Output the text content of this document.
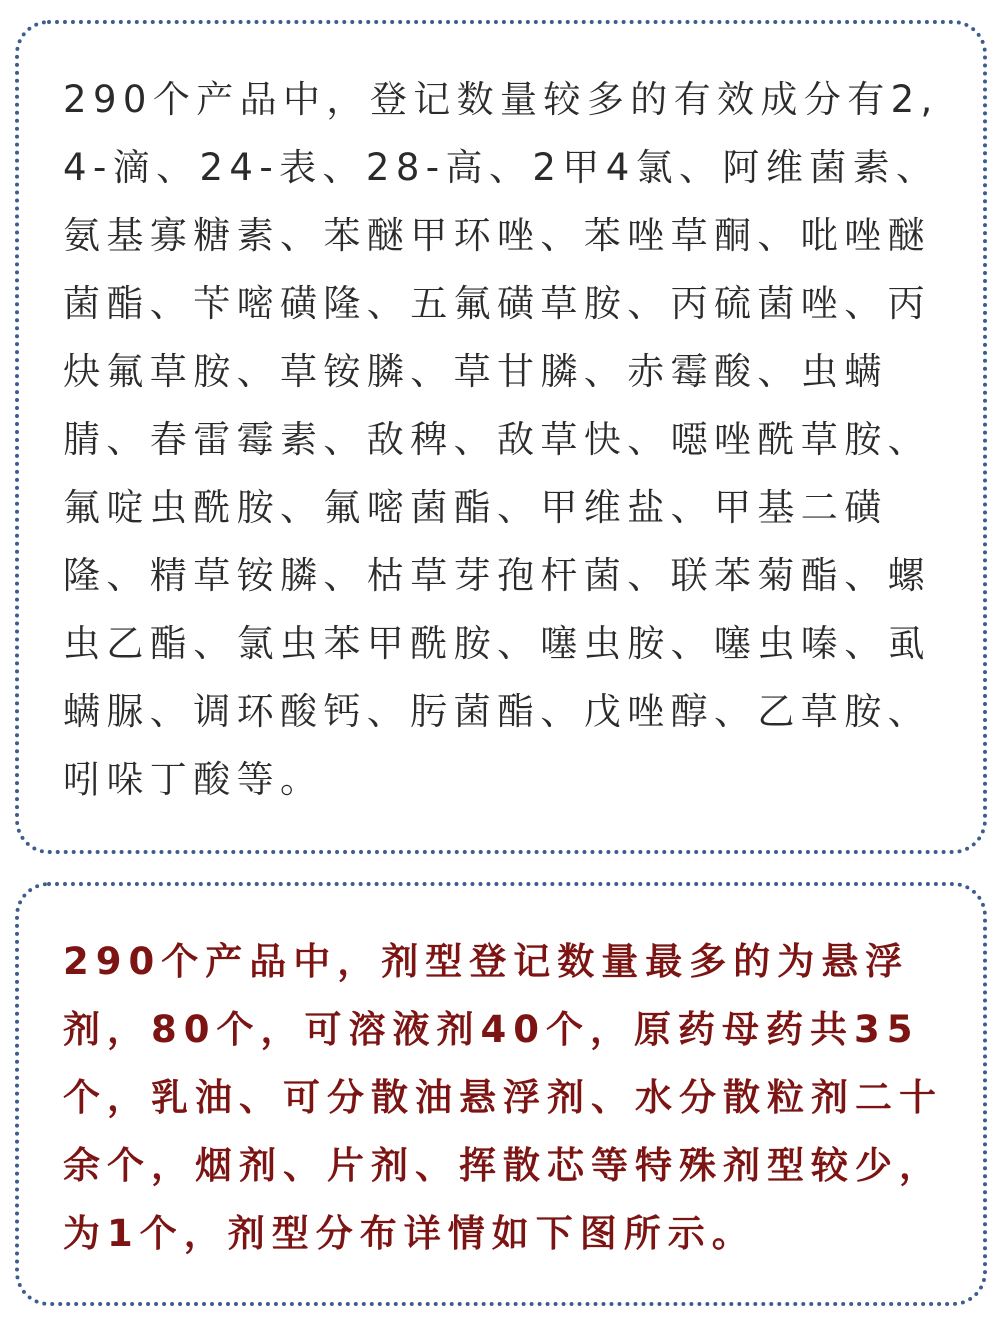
290个产品中，登记数量较多的有效成分有2,4-滴、24-表、28-高、2甲4氯、阿维菌素、氨基寡糖素、苯醚甲环唑、苯唑草酮、吡唑醚菌酯、苄嘧磺隆、五氟磺草胺、丙硫菌唑、丙炔氟草胺、草铵膦、草甘膦、赤霉酸、虫螨腈、春雷霉素、敌稗、敌草快、噁唑酰草胺、氟啶虫酰胺、氟嘧菌酯、甲维盐、甲基二磺隆、精草铵膦、枯草芽孢杆菌、联苯菊酯、螺虫乙酯、氯虫苯甲酰胺、噻虫胺、噻虫嗪、虱螨脲、调环酸钙、肟菌酯、戊唑醇、乙草胺、吲哚丁酸等。

290个产品中，剂型登记数量最多的为悬浮剂，80个，可溶液剂40个，原药母药共35个，乳油、可分散油悬浮剂、水分散粒剂二十余个，烟剂、片剂、挥散芯等特殊剂型较少，为1个，剂型分布详情如下图所示。
